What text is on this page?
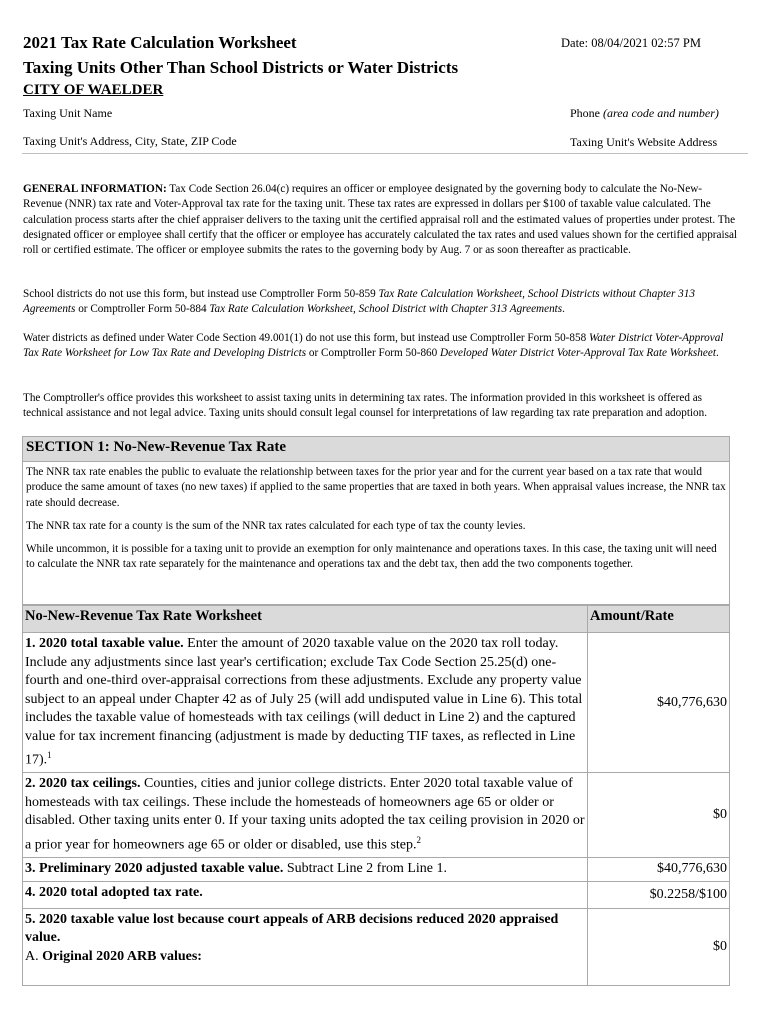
2021 Tax Rate Calculation Worksheet	Date: 08/04/2021 02:57 PM
Taxing Units Other Than School Districts or Water Districts
CITY OF WAELDER
Taxing Unit Name	Phone (area code and number)
Taxing Unit's Address, City, State, ZIP Code	Taxing Unit's Website Address
GENERAL INFORMATION: Tax Code Section 26.04(c) requires an officer or employee designated by the governing body to calculate the No-New-Revenue (NNR) tax rate and Voter-Approval tax rate for the taxing unit. These tax rates are expressed in dollars per $100 of taxable value calculated. The calculation process starts after the chief appraiser delivers to the taxing unit the certified appraisal roll and the estimated values of properties under protest. The designated officer or employee shall certify that the officer or employee has accurately calculated the tax rates and used values shown for the certified appraisal roll or certified estimate. The officer or employee submits the rates to the governing body by Aug. 7 or as soon thereafter as practicable.
School districts do not use this form, but instead use Comptroller Form 50-859 Tax Rate Calculation Worksheet, School Districts without Chapter 313 Agreements or Comptroller Form 50-884 Tax Rate Calculation Worksheet, School District with Chapter 313 Agreements.
Water districts as defined under Water Code Section 49.001(1) do not use this form, but instead use Comptroller Form 50-858 Water District Voter-Approval Tax Rate Worksheet for Low Tax Rate and Developing Districts or Comptroller Form 50-860 Developed Water District Voter-Approval Tax Rate Worksheet.
The Comptroller's office provides this worksheet to assist taxing units in determining tax rates. The information provided in this worksheet is offered as technical assistance and not legal advice. Taxing units should consult legal counsel for interpretations of law regarding tax rate preparation and adoption.
SECTION 1: No-New-Revenue Tax Rate
The NNR tax rate enables the public to evaluate the relationship between taxes for the prior year and for the current year based on a tax rate that would produce the same amount of taxes (no new taxes) if applied to the same properties that are taxed in both years. When appraisal values increase, the NNR tax rate should decrease.
The NNR tax rate for a county is the sum of the NNR tax rates calculated for each type of tax the county levies.
While uncommon, it is possible for a taxing unit to provide an exemption for only maintenance and operations taxes. In this case, the taxing unit will need to calculate the NNR tax rate separately for the maintenance and operations tax and the debt tax, then add the two components together.
No-New-Revenue Tax Rate Worksheet	Amount/Rate
1. 2020 total taxable value. Enter the amount of 2020 taxable value on the 2020 tax roll today. Include any adjustments since last year's certification; exclude Tax Code Section 25.25(d) one-fourth and one-third over-appraisal corrections from these adjustments. Exclude any property value subject to an appeal under Chapter 42 as of July 25 (will add undisputed value in Line 6). This total includes the taxable value of homesteads with tax ceilings (will deduct in Line 2) and the captured value for tax increment financing (adjustment is made by deducting TIF taxes, as reflected in Line 17).$^1$	$40,776,630
2. 2020 tax ceilings. Counties, cities and junior college districts. Enter 2020 total taxable value of homesteads with tax ceilings. These include the homesteads of homeowners age 65 or older or disabled. Other taxing units enter 0. If your taxing units adopted the tax ceiling provision in 2020 or a prior year for homeowners age 65 or older or disabled, use this step.$^2$	$0
3. Preliminary 2020 adjusted taxable value. Subtract Line 2 from Line 1.	$40,776,630
4. 2020 total adopted tax rate.	$0.2258/$100
5. 2020 taxable value lost because court appeals of ARB decisions reduced 2020 appraised value.
A. Original 2020 ARB values:	$0
